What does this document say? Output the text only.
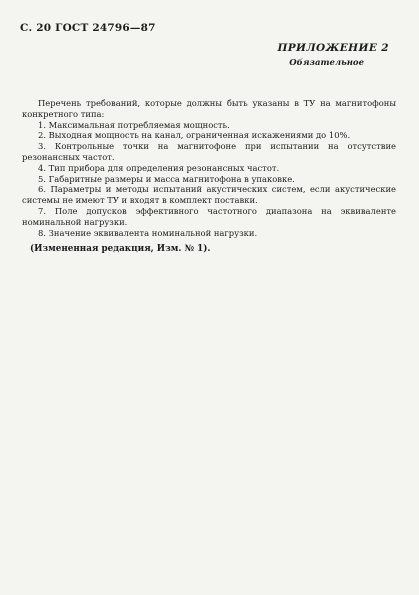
С. 20 ГОСТ 24796—87
ПРИЛОЖЕНИЕ 2
Обязательное

Перечень требований, которые должны быть указаны в ТУ на магнитофоны конкретного типа:

1. Максимальная потребляемая мощность.

2. Выходная мощность на канал, ограниченная искажениями до 10%.

3. Контрольные точки на магнитофоне при испытании на отсутствие резонансных частот.

4. Тип прибора для определения резонансных частот.

5. Габаритные размеры и масса магнитофона в упаковке.

6. Параметры и методы испытаний акустических систем, если акустические системы не имеют ТУ и входят в комплект поставки.

7. Поле допусков эффективного частотного диапазона на эквиваленте номинальной нагрузки.

8. Значение эквивалента номинальной нагрузки.

(Измененная редакция, Изм. № 1).
